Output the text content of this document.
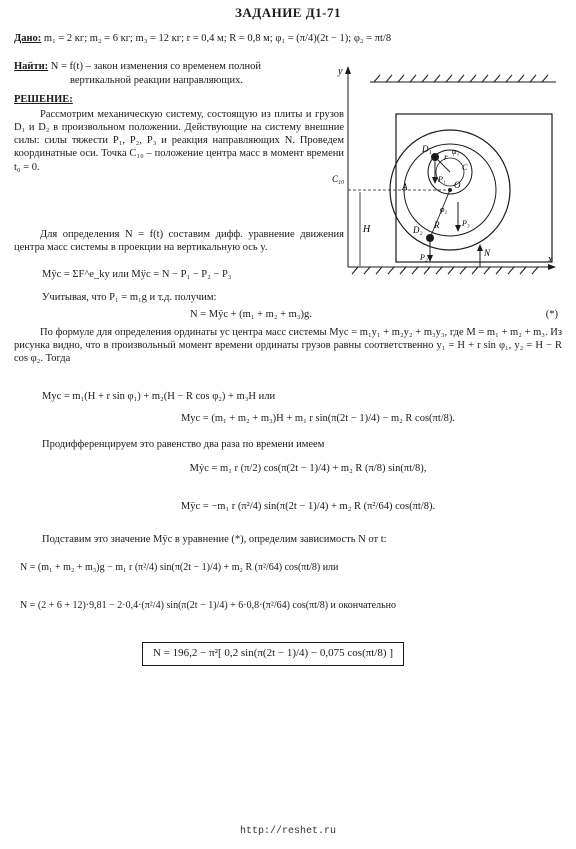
ЗАДАНИЕ Д1-71
Дано: m₁ = 2 кг; m₂ = 6 кг; m₃ = 12 кг; r = 0,4 м; R = 0,8 м; φ₁ = (π/4)(2t − 1); φ₂ = πt/8
Найти: N = f(t) – закон изменения со временем полной
вертикальной реакции направляющих.
РЕШЕНИЕ:
Рассмотрим механическую систему, состоящую из плиты и грузов D₁ и D₂ в произвольном положении. Действующие на систему внешние силы: силы тяжести P₁, P₂, P₃ и реакция направляющих N. Проведем координатные оси. Точка C₁₀ – положение центра масс в момент времени t₀ = 0.
Для определения N = f(t) составим дифф. уравнение движения центра масс системы в проекции на вертикальную ось y.
Mÿc = ΣF^e_ky или Mÿc = N − P₁ − P₂ − P₃
Учитывая, что P₁ = m₁g и т.д. получим:
N = Mÿc + (m₁ + m₂ + m₃)g.	(*)
По формуле для определения ординаты yc центра масс системы Myc = m₁y₁ + m₂y₂ + m₃y₃, где M = m₁ + m₂ + m₃. Из рисунка видно, что в произвольный момент времени ординаты грузов равны соответственно y₁ = H + r sin φ₁, y₂ = H − R cos φ₂. Тогда
Myc = m₁(H + r sin φ₁) + m₂(H − R cos φ₂) + m₃H или
Myc = (m₁ + m₂ + m₃)H + m₁ r sin(π(2t − 1)/4) − m₂ R cos(πt/8).
Продифференцируем это равенство два раза по времени имеем
Mẏc = m₁ r (π/2) cos(π(2t − 1)/4) + m₂ R (π/8) sin(πt/8),
Mÿc = −m₁ r (π²/4) sin(π(2t − 1)/4) + m₂ R (π²/64) cos(πt/8).
Подставим это значение Mÿc в уравнение (*), определим зависимость N от t:
N = (m₁ + m₂ + m₃)g − m₁ r (π²/4) sin(π(2t − 1)/4) + m₂ R (π²/64) cos(πt/8) или
N = (2 + 6 + 12)·9,81 − 2·0,4·(π²/4) sin(π(2t − 1)/4) + 6·0,8·(π²/64) cos(πt/8) и окончательно
N = 196,2 − π²[ 0,2 sin(π(2t − 1)/4) − 0,075 cos(πt/8) ]
y
x
C₁₀
H
O
r
R
D₁
P₁
D₂
P₂
P₃
A
φ₁
φ₂
C
N
http://reshet.ru
